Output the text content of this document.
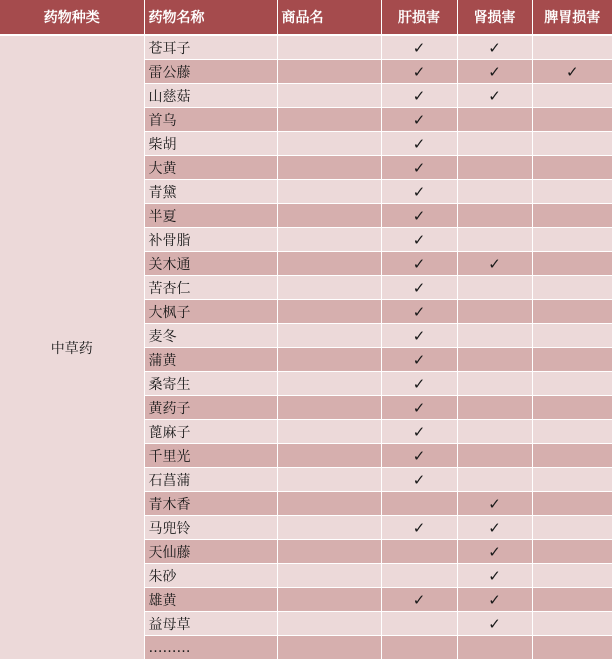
药物种类	药物名称	商品名	肝损害	肾损害	脾胃损害
中草药	苍耳子		✓	✓	
	雷公藤		✓	✓	✓
	山慈菇		✓	✓	
	首乌		✓		
	柴胡		✓		
	大黄		✓		
	青黛		✓		
	半夏		✓		
	补骨脂		✓		
	关木通		✓	✓	
	苦杏仁		✓		
	大枫子		✓		
	麦冬		✓		
	蒲黄		✓		
	桑寄生		✓		
	黄药子		✓		
	蓖麻子		✓		
	千里光		✓		
	石菖蒲		✓		
	青木香			✓	
	马兜铃		✓	✓	
	天仙藤			✓	
	朱砂			✓	
	雄黄		✓	✓	
	益母草			✓	
	………				
